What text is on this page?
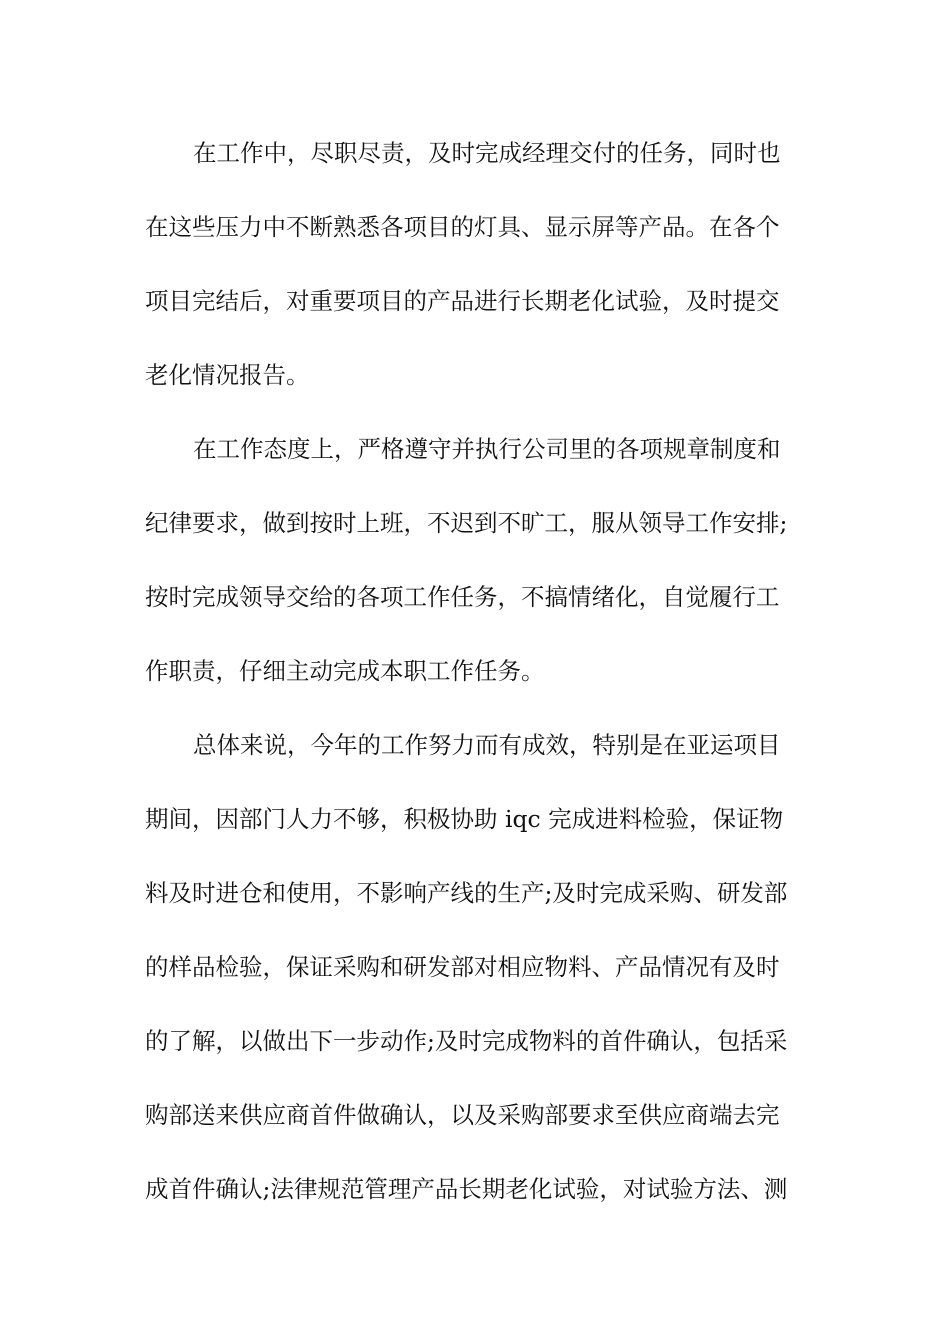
在工作中，尽职尽责，及时完成经理交付的任务，同时也

在这些压力中不断熟悉各项目的灯具、显示屏等产品。在各个

项目完结后，对重要项目的产品进行长期老化试验，及时提交

老化情况报告。

在工作态度上，严格遵守并执行公司里的各项规章制度和

纪律要求，做到按时上班，不迟到不旷工，服从领导工作安排;

按时完成领导交给的各项工作任务，不搞情绪化，自觉履行工

作职责，仔细主动完成本职工作任务。

总体来说，今年的工作努力而有成效，特别是在亚运项目

期间，因部门人力不够，积极协助 iqc 完成进料检验，保证物

料及时进仓和使用，不影响产线的生产;及时完成采购、研发部

的样品检验，保证采购和研发部对相应物料、产品情况有及时

的了解，以做出下一步动作;及时完成物料的首件确认，包括采

购部送来供应商首件做确认，以及采购部要求至供应商端去完

成首件确认;法律规范管理产品长期老化试验，对试验方法、测
